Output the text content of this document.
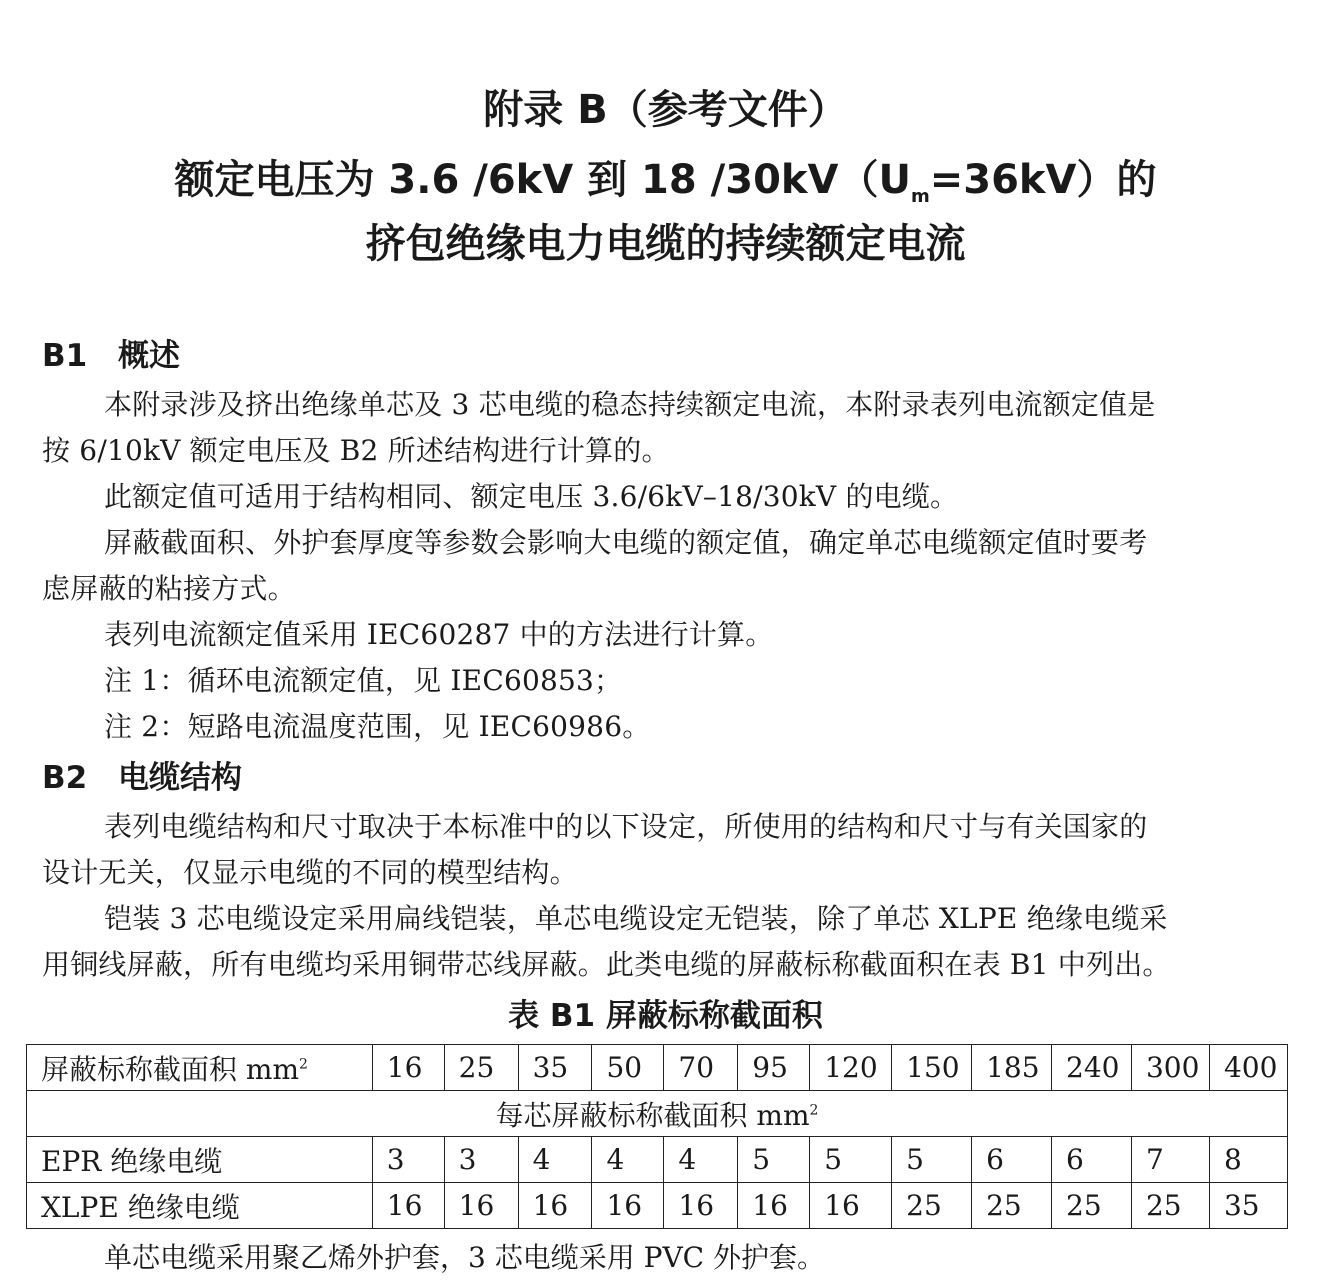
附录 B（参考文件）
额定电压为 3.6 /6kV 到 18 $/30kV(U_m=36kV)$的
挤包绝缘电力电缆的持续额定电流
B1 概述
本附录涉及挤出绝缘单芯及 3 芯电缆的稳态持续额定电流，本附录表列电流额定值是
按 6/10kV 额定电压及 B2 所述结构进行计算的。
此额定值可适用于结构相同、额定电压 3.6/6kV–18/30kV 的电缆。
屏蔽截面积、外护套厚度等参数会影响大电缆的额定值，确定单芯电缆额定值时要考
虑屏蔽的粘接方式。
表列电流额定值采用 IEC60287 中的方法进行计算。
注 1：循环电流额定值，见 IEC60853；
注 2：短路电流温度范围，见 IEC60986。
B2 电缆结构
表列电缆结构和尺寸取决于本标准中的以下设定，所使用的结构和尺寸与有关国家的
设计无关，仅显示电缆的不同的模型结构。
铠装 3 芯电缆设定采用扁线铠装，单芯电缆设定无铠装，除了单芯 XLPE 绝缘电缆采
用铜线屏蔽，所有电缆均采用铜带芯线屏蔽。此类电缆的屏蔽标称截面积在表 B1 中列出。
表 B1 屏蔽标称截面积
屏蔽标称截面积 $mm^2$	16	25	35	50	70	95	120	150	185	240	300	400
每芯屏蔽标称截面积 $mm^2$
EPR 绝缘电缆	3	3	4	4	4	5	5	5	6	6	7	8
XLPE 绝缘电缆	16	16	16	16	16	16	16	25	25	25	25	35
单芯电缆采用聚乙烯外护套，3 芯电缆采用 PVC 外护套。
